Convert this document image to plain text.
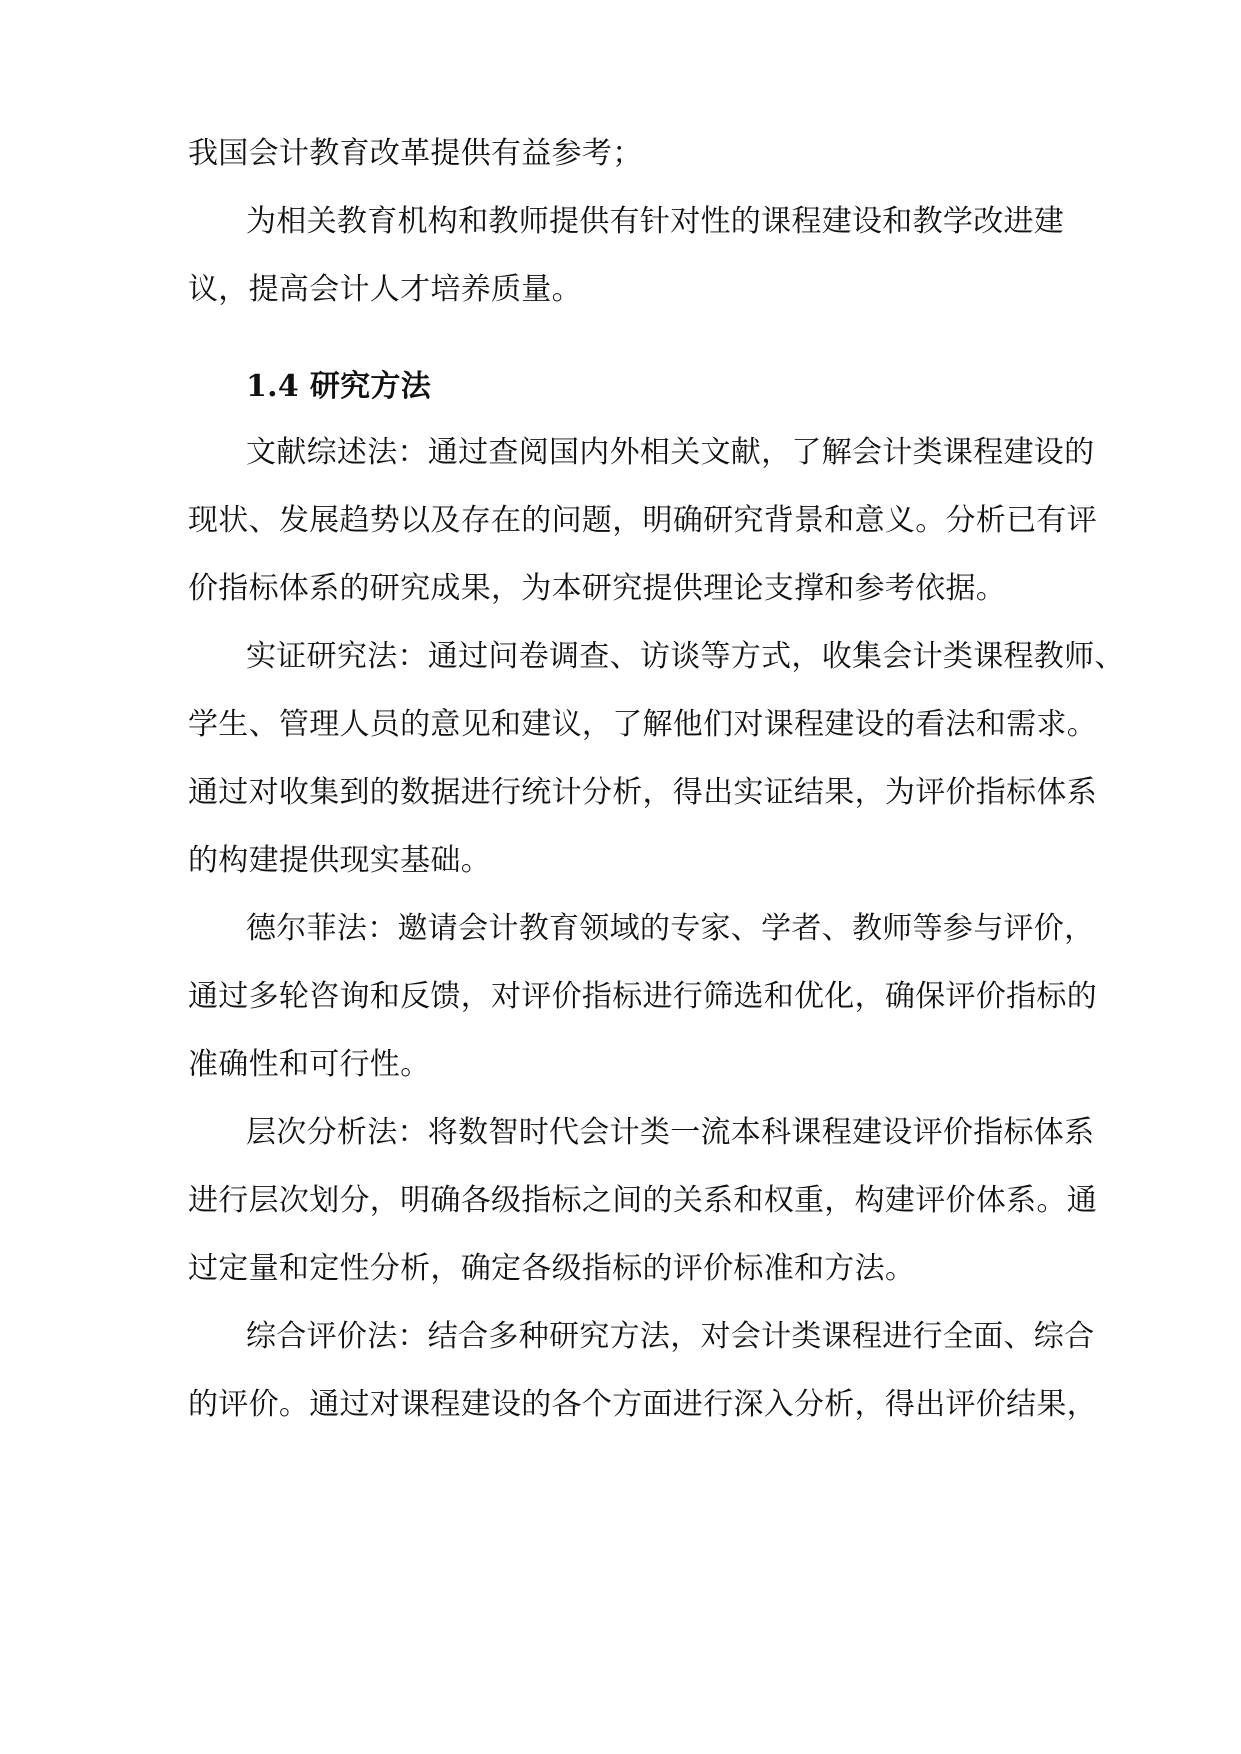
我国会计教育改革提供有益参考；
为相关教育机构和教师提供有针对性的课程建设和教学改进建
议，提高会计人才培养质量。
1.4 研究方法
文献综述法：通过查阅国内外相关文献，了解会计类课程建设的
现状、发展趋势以及存在的问题，明确研究背景和意义。分析已有评
价指标体系的研究成果，为本研究提供理论支撑和参考依据。
实证研究法：通过问卷调查、访谈等方式，收集会计类课程教师、
学生、管理人员的意见和建议，了解他们对课程建设的看法和需求。
通过对收集到的数据进行统计分析，得出实证结果，为评价指标体系
的构建提供现实基础。
德尔菲法：邀请会计教育领域的专家、学者、教师等参与评价，
通过多轮咨询和反馈，对评价指标进行筛选和优化，确保评价指标的
准确性和可行性。
层次分析法：将数智时代会计类一流本科课程建设评价指标体系
进行层次划分，明确各级指标之间的关系和权重，构建评价体系。通
过定量和定性分析，确定各级指标的评价标准和方法。
综合评价法：结合多种研究方法，对会计类课程进行全面、综合
的评价。通过对课程建设的各个方面进行深入分析，得出评价结果，
